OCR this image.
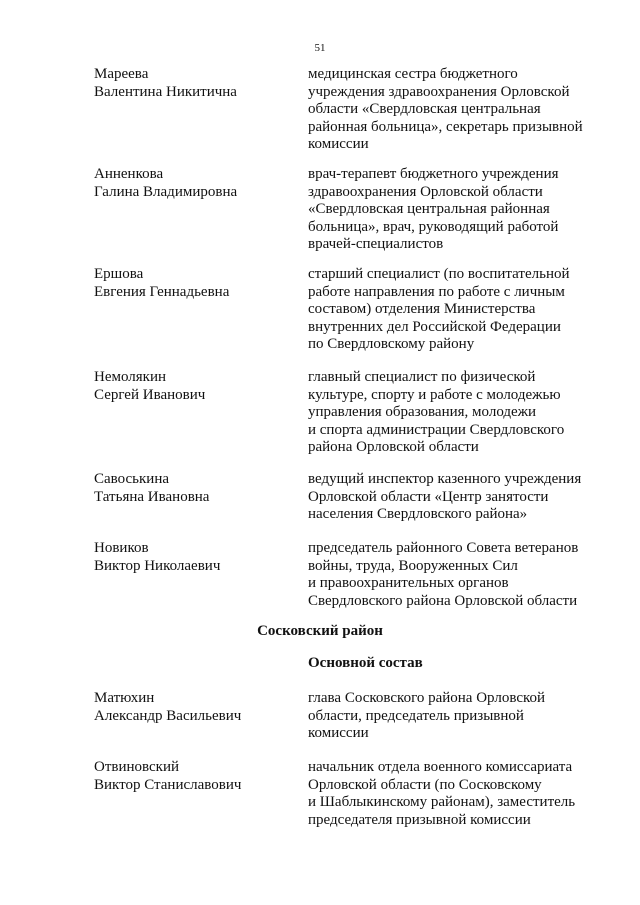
51
Мареева
Валентина Никитична
медицинская сестра бюджетного
учреждения здравоохранения Орловской
области «Свердловская центральная
районная больница», секретарь призывной
комиссии
Анненкова
Галина Владимировна
врач-терапевт бюджетного учреждения
здравоохранения Орловской области
«Свердловская центральная районная
больница», врач, руководящий работой
врачей-специалистов
Ершова
Евгения Геннадьевна
старший специалист (по воспитательной
работе направления по работе с личным
составом) отделения Министерства
внутренних дел Российской Федерации
по Свердловскому району
Немолякин
Сергей Иванович
главный специалист по физической
культуре, спорту и работе с молодежью
управления образования, молодежи
и спорта администрации Свердловского
района Орловской области
Савоськина
Татьяна Ивановна
ведущий инспектор казенного учреждения
Орловской области «Центр занятости
населения Свердловского района»
Новиков
Виктор Николаевич
председатель районного Совета ветеранов
войны, труда, Вооруженных Сил
и правоохранительных органов
Свердловского района Орловской области
Сосковский район
Основной состав
Матюхин
Александр Васильевич
глава Сосковского района Орловской
области, председатель призывной
комиссии
Отвиновский
Виктор Станиславович
начальник отдела военного комиссариата
Орловской области (по Сосковскому
и Шаблыкинскому районам), заместитель
председателя призывной комиссии
